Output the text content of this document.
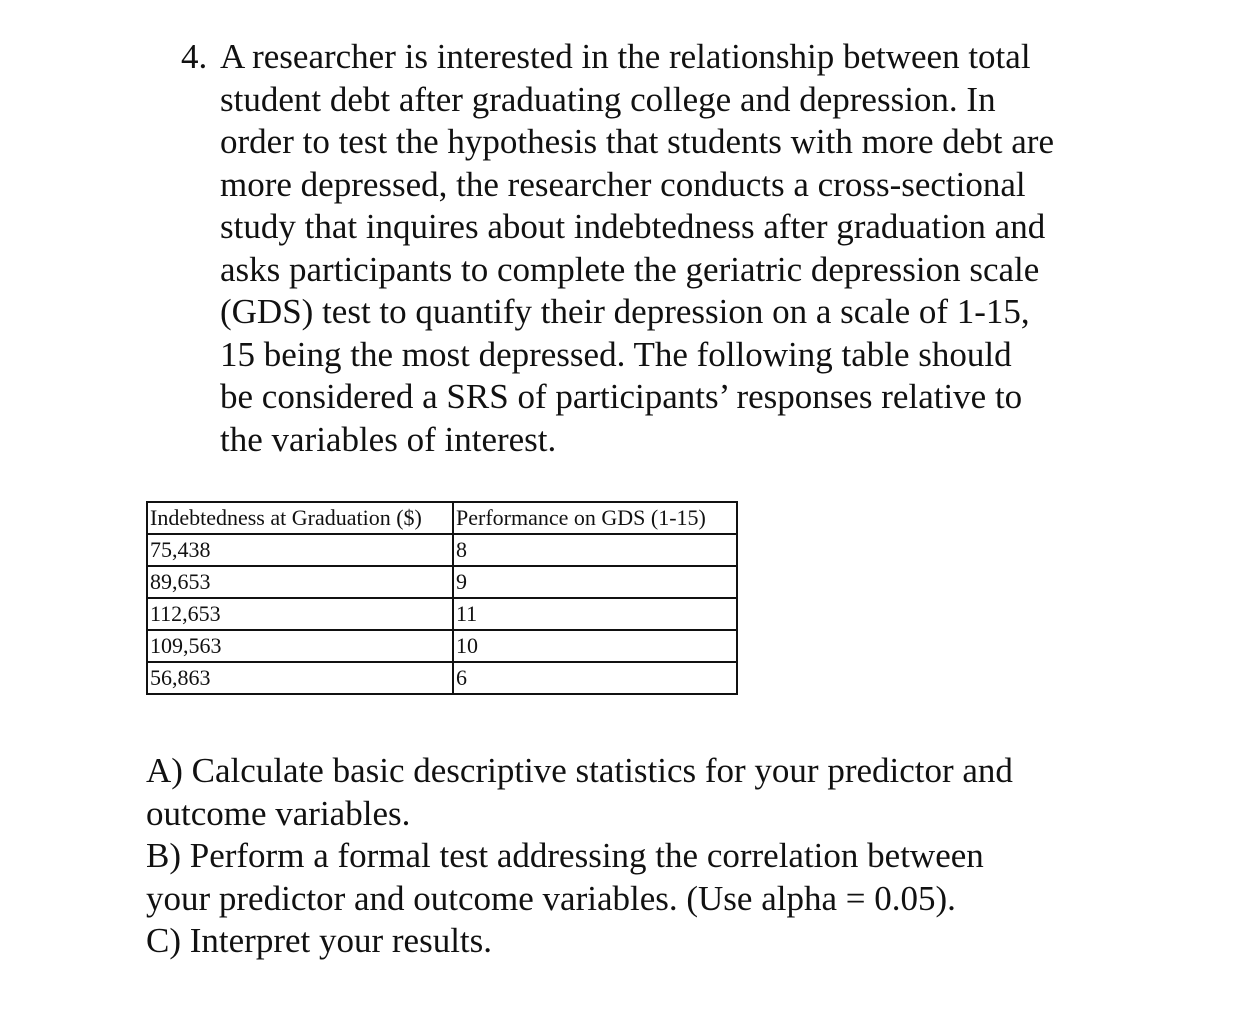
4. A researcher is interested in the relationship between total
student debt after graduating college and depression. In
order to test the hypothesis that students with more debt are
more depressed, the researcher conducts a cross-sectional
study that inquires about indebtedness after graduation and
asks participants to complete the geriatric depression scale
(GDS) test to quantify their depression on a scale of 1-15,
15 being the most depressed. The following table should
be considered a SRS of participants’ responses relative to
the variables of interest.
Indebtedness at Graduation ($)	Performance on GDS (1-15)
75,438	8
89,653	9
112,653	11
109,563	10
56,863	6
A) Calculate basic descriptive statistics for your predictor and
outcome variables.
B) Perform a formal test addressing the correlation between
your predictor and outcome variables. (Use alpha = 0.05).
C) Interpret your results.
